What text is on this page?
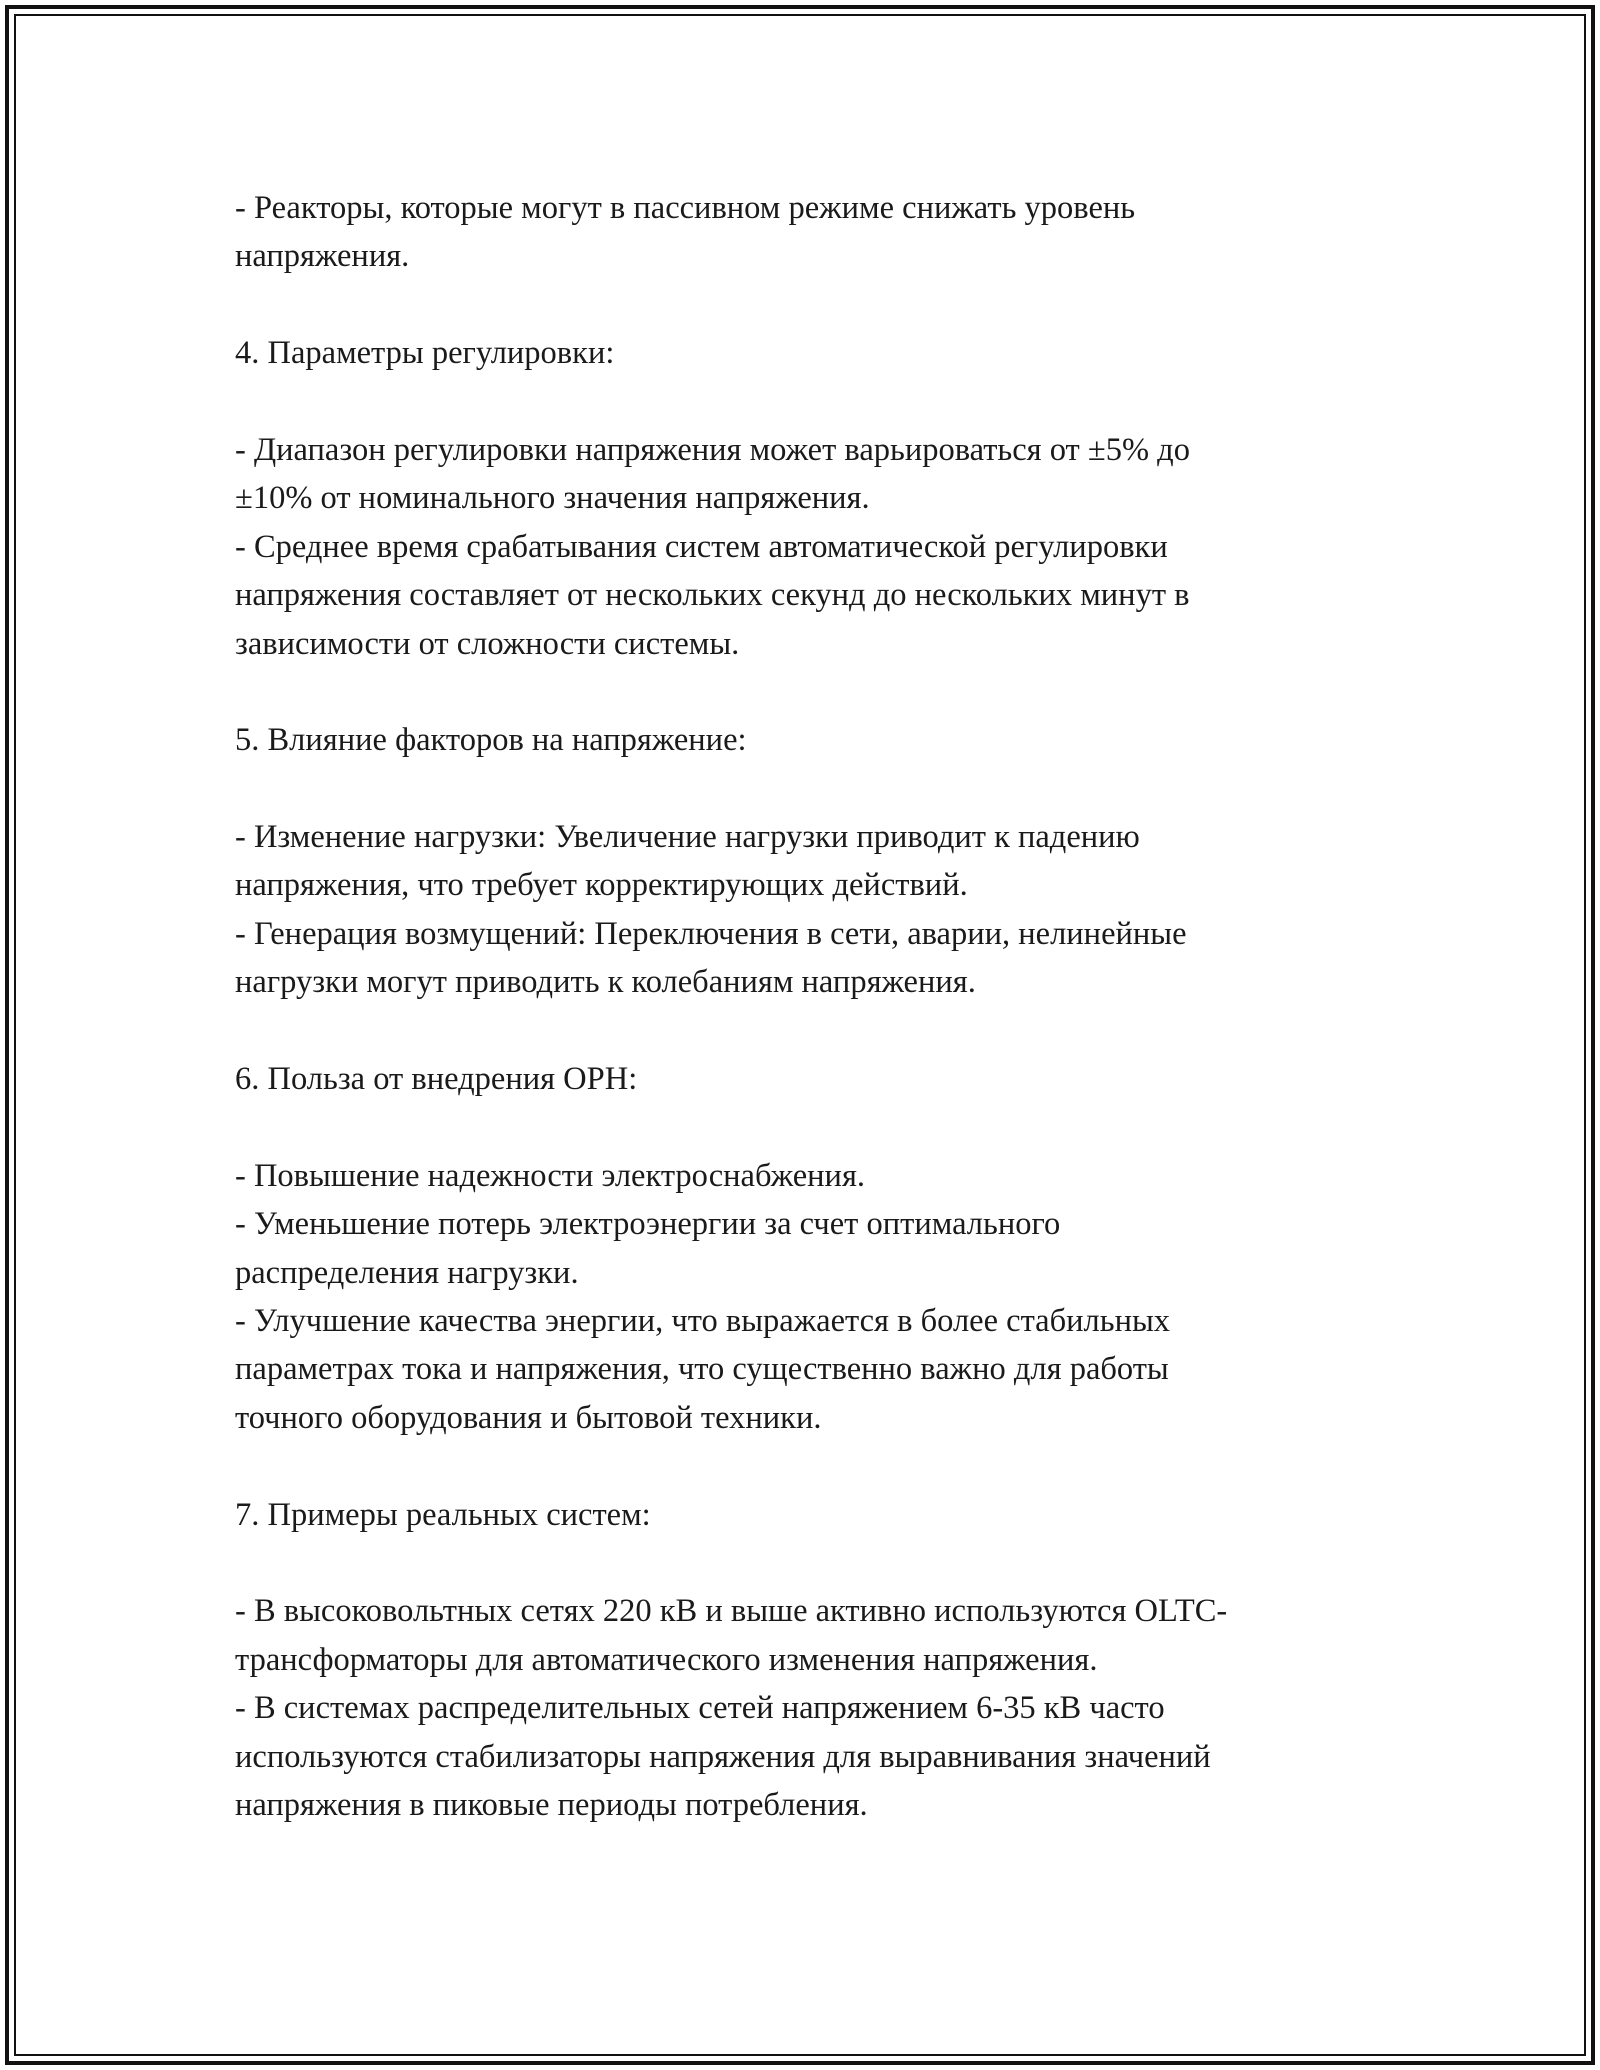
- Реакторы, которые могут в пассивном режиме снижать уровень
напряжения.
4. Параметры регулировки:
- Диапазон регулировки напряжения может варьироваться от ±5% до
±10% от номинального значения напряжения.
- Среднее время срабатывания систем автоматической регулировки
напряжения составляет от нескольких секунд до нескольких минут в
зависимости от сложности системы.
5. Влияние факторов на напряжение:
- Изменение нагрузки: Увеличение нагрузки приводит к падению
напряжения, что требует корректирующих действий.
- Генерация возмущений: Переключения в сети, аварии, нелинейные
нагрузки могут приводить к колебаниям напряжения.
6. Польза от внедрения ОРН:
- Повышение надежности электроснабжения.
- Уменьшение потерь электроэнергии за счет оптимального
распределения нагрузки.
- Улучшение качества энергии, что выражается в более стабильных
параметрах тока и напряжения, что существенно важно для работы
точного оборудования и бытовой техники.
7. Примеры реальных систем:
- В высоковольтных сетях 220 кВ и выше активно используются OLTC-
трансформаторы для автоматического изменения напряжения.
- В системах распределительных сетей напряжением 6-35 кВ часто
используются стабилизаторы напряжения для выравнивания значений
напряжения в пиковые периоды потребления.
